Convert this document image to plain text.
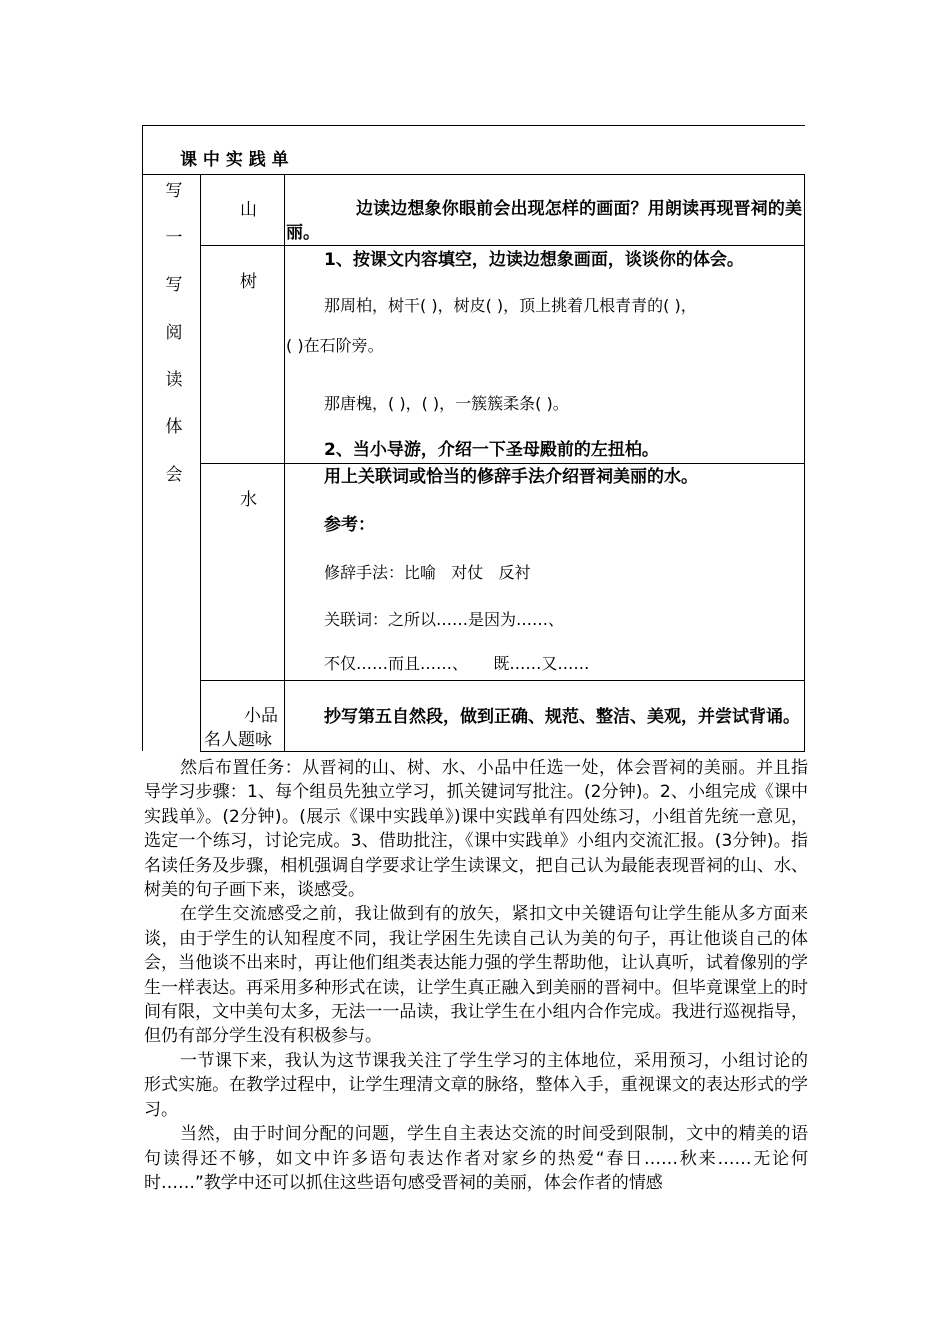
课 中 实 践 单
写
一
写
阅
读
体
会
山	边读边想象你眼前会出现怎样的画面？用朗读再现晋祠的美丽。
树
1、按课文内容填空，边读边想象画面，谈谈你的体会。
那周柏，树干( )，树皮( )，顶上挑着几根青青的( )，
( )在石阶旁。
那唐槐，( )，( )，一簇簇柔条( )。
2、当小导游，介绍一下圣母殿前的左扭柏。
水
用上关联词或恰当的修辞手法介绍晋祠美丽的水。
参考：
修辞手法：比喻   对仗   反衬
关联词：之所以……是因为……、
不仅……而且……、     既……又……
小品
名人题咏
抄写第五自然段，做到正确、规范、整洁、美观，并尝试背诵。

然后布置任务：从晋祠的山、树、水、小品中任选一处，体会晋祠的美丽。并且指导学习步骤：1、每个组员先独立学习，抓关键词写批注。(2分钟)。2、小组完成《课中实践单》。(2分钟)。(展示《课中实践单》)课中实践单有四处练习，小组首先统一意见，选定一个练习，讨论完成。3、借助批注，《课中实践单》小组内交流汇报。(3分钟)。指名读任务及步骤，相机强调自学要求让学生读课文，把自己认为最能表现晋祠的山、水、树美的句子画下来，谈感受。

在学生交流感受之前，我让做到有的放矢，紧扣文中关键语句让学生能从多方面来谈，由于学生的认知程度不同，我让学困生先读自己认为美的句子，再让他谈自己的体会，当他谈不出来时，再让他们组类表达能力强的学生帮助他，让认真听，试着像别的学生一样表达。再采用多种形式在读，让学生真正融入到美丽的晋祠中。但毕竟课堂上的时间有限，文中美句太多，无法一一品读，我让学生在小组内合作完成。我进行巡视指导，但仍有部分学生没有积极参与。

一节课下来，我认为这节课我关注了学生学习的主体地位，采用预习，小组讨论的形式实施。在教学过程中，让学生理清文章的脉络，整体入手，重视课文的表达形式的学习。

当然，由于时间分配的问题，学生自主表达交流的时间受到限制，文中的精美的语句读得还不够，如文中许多语句表达作者对家乡的热爱“春日……秋来……无论何时……”教学中还可以抓住这些语句感受晋祠的美丽，体会作者的情感
